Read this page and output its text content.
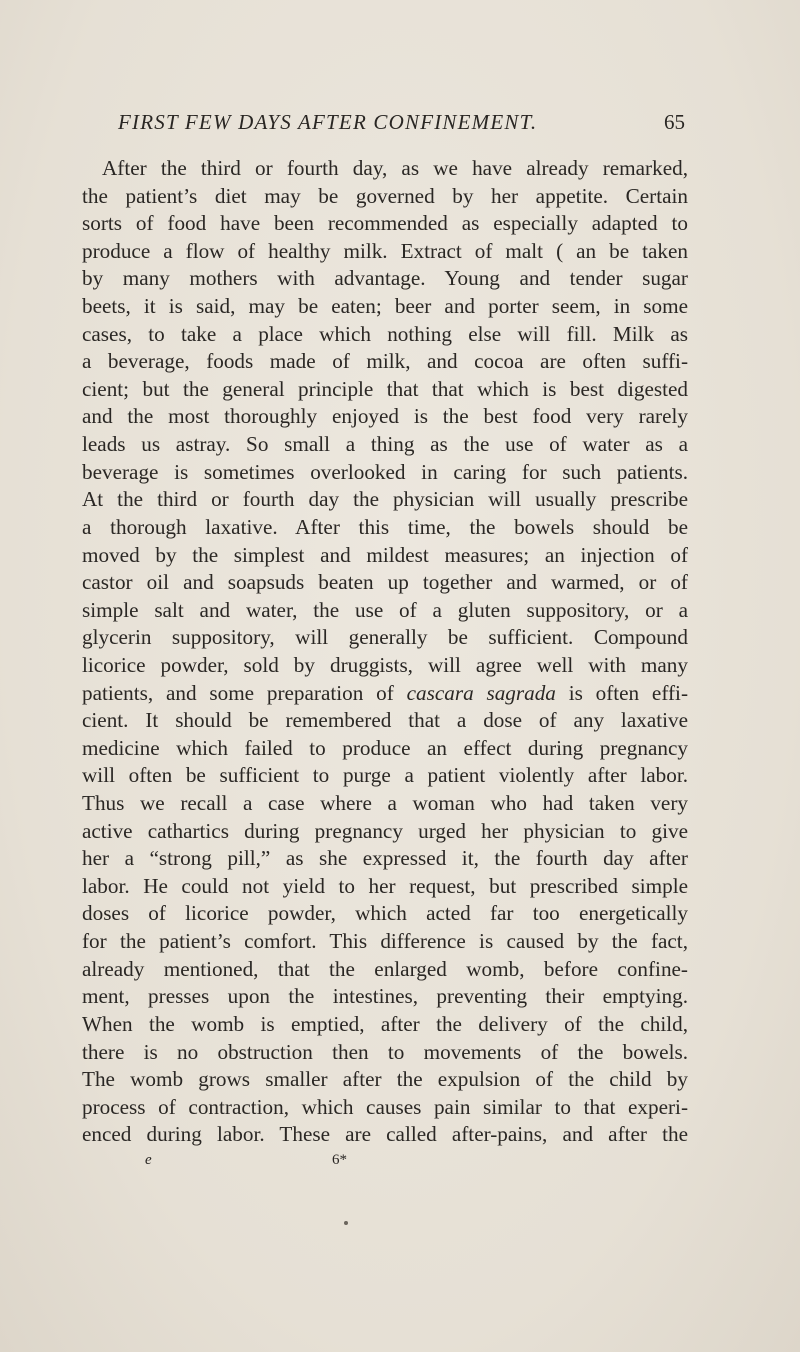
FIRST FEW DAYS AFTER CONFINEMENT.	65
After the third or fourth day, as we have already remarked,
the patient’s diet may be governed by her appetite. Certain
sorts of food have been recommended as especially adapted to
produce a flow of healthy milk. Extract of malt ( an be taken
by many mothers with advantage. Young and tender sugar
beets, it is said, may be eaten; beer and porter seem, in some
cases, to take a place which nothing else will fill. Milk as
a beverage, foods made of milk, and cocoa are often suffi-
cient; but the general principle that that which is best digested
and the most thoroughly enjoyed is the best food very rarely
leads us astray. So small a thing as the use of water as a
beverage is sometimes overlooked in caring for such patients.
At the third or fourth day the physician will usually prescribe
a thorough laxative. After this time, the bowels should be
moved by the simplest and mildest measures; an injection of
castor oil and soapsuds beaten up together and warmed, or of
simple salt and water, the use of a gluten suppository, or a
glycerin suppository, will generally be sufficient. Compound
licorice powder, sold by druggists, will agree well with many
patients, and some preparation of cascara sagrada is often effi-
cient. It should be remembered that a dose of any laxative
medicine which failed to produce an effect during pregnancy
will often be sufficient to purge a patient violently after labor.
Thus we recall a case where a woman who had taken very
active cathartics during pregnancy urged her physician to give
her a “strong pill,” as she expressed it, the fourth day after
labor. He could not yield to her request, but prescribed simple
doses of licorice powder, which acted far too energetically
for the patient’s comfort. This difference is caused by the fact,
already mentioned, that the enlarged womb, before confine-
ment, presses upon the intestines, preventing their emptying.
When the womb is emptied, after the delivery of the child,
there is no obstruction then to movements of the bowels.
The womb grows smaller after the expulsion of the child by
process of contraction, which causes pain similar to that experi-
enced during labor. These are called after-pains, and after the
e	6*
